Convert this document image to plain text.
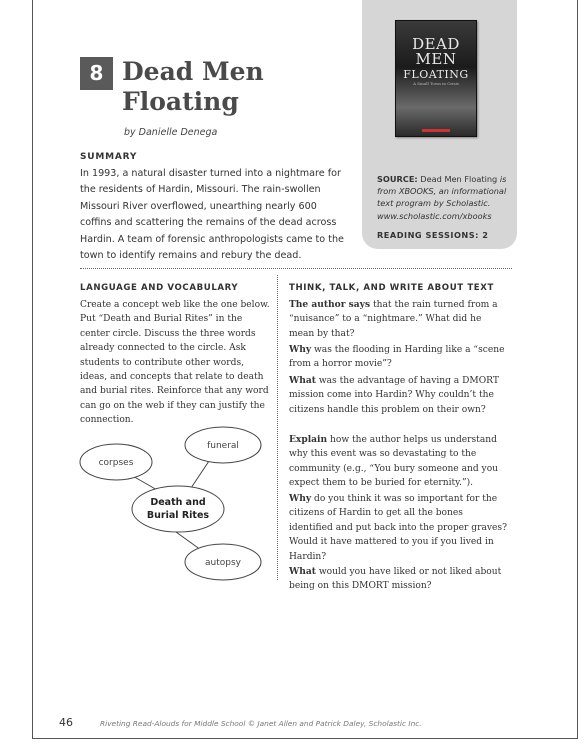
DEAD
MEN
FLOATING
A Small Town in Crisis
SOURCE: Dead Men Floating is from XBOOKS, an informational text program by Scholastic. www.scholastic.com/xbooks
READING SESSIONS: 2
8 Dead Men
Floating
by Danielle Denega
SUMMARY
In 1993, a natural disaster turned into a nightmare for the residents of Hardin, Missouri. The rain-swollen Missouri River overflowed, unearthing nearly 600 coffins and scattering the remains of the dead across Hardin. A team of forensic anthropologists came to the town to identify remains and rebury the dead.
LANGUAGE AND VOCABULARY
Create a concept web like the one below. Put “Death and Burial Rites” in the center circle. Discuss the three words already connected to the circle. Ask students to contribute other words, ideas, and concepts that relate to death and burial rites. Reinforce that any word can go on the web if they can justify the connection.
corpses
funeral
Death and
Burial Rites
autopsy
THINK, TALK, AND WRITE ABOUT TEXT
The author says that the rain turned from a “nuisance” to a “nightmare.” What did he mean by that?
Why was the flooding in Harding like a “scene from a horror movie”?
What was the advantage of having a DMORT mission come into Hardin? Why couldn’t the citizens handle this problem on their own?
Explain how the author helps us understand why this event was so devastating to the community (e.g., “You bury someone and you expect them to be buried for eternity.”).
Why do you think it was so important for the citizens of Hardin to get all the bones identified and put back into the proper graves? Would it have mattered to you if you lived in Hardin?
What would you have liked or not liked about being on this DMORT mission?
46	Riveting Read-Alouds for Middle School © Janet Allen and Patrick Daley, Scholastic Inc.
